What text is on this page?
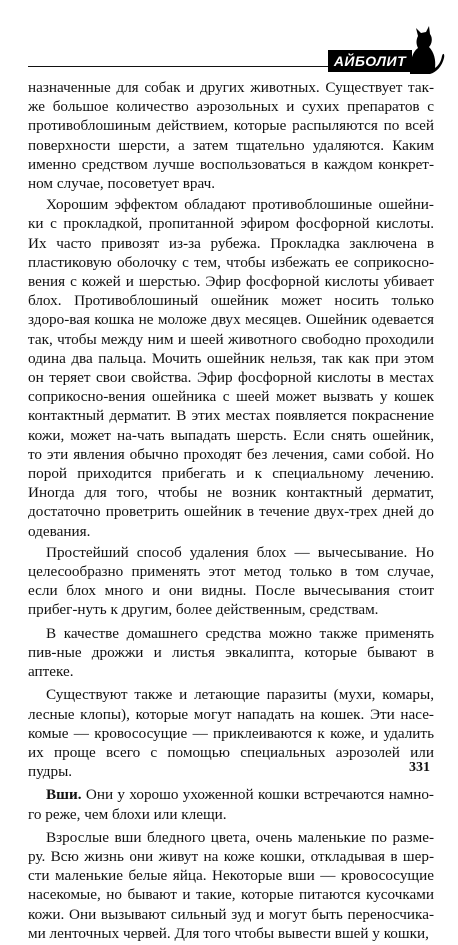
АЙБОЛИТ

назначенные для собак и других животных. Существует так-же большое количество аэрозольных и сухих препаратов с противоблошиным действием, которые распыляются по всей поверхности шерсти, а затем тщательно удаляются. Каким именно средством лучше воспользоваться в каждом конкрет-ном случае, посоветует врач.

Хорошим эффектом обладают противоблошиные ошейни-ки с прокладкой, пропитанной эфиром фосфорной кислоты. Их часто привозят из-за рубежа. Прокладка заключена в пластиковую оболочку с тем, чтобы избежать ее соприкосно-вения с кожей и шерстью. Эфир фосфорной кислоты убивает блох. Противоблошиный ошейник может носить только здоро-вая кошка не моложе двух месяцев. Ошейник одевается так, чтобы между ним и шеей животного свободно проходили одина два пальца. Мочить ошейник нельзя, так как при этом он теряет свои свойства. Эфир фосфорной кислоты в местах соприкосно-вения ошейника с шеей может вызвать у кошек контактный дерматит. В этих местах появляется покраснение кожи, может на-чать выпадать шерсть. Если снять ошейник, то эти явления обычно проходят без лечения, сами собой. Но порой приходится прибегать и к специальному лечению. Иногда для того, чтобы не возник контактный дерматит, достаточно проветрить ошейник в течение двух-трех дней до одевания.

Простейший способ удаления блох — вычесывание. Но целесообразно применять этот метод только в том случае, если блох много и они видны. После вычесывания стоит прибег-нуть к другим, более действенным, средствам.

В качестве домашнего средства можно также применять пив-ные дрожжи и листья эвкалипта, которые бывают в аптеке.

Существуют также и летающие паразиты (мухи, комары, лесные клопы), которые могут нападать на кошек. Эти насе-комые — кровососущие — приклеиваются к коже, и удалить их проще всего с помощью специальных аэрозолей или пудры.

Вши. Они у хорошо ухоженной кошки встречаются намно-го реже, чем блохи или клещи.

Взрослые вши бледного цвета, очень маленькие по разме-ру. Всю жизнь они живут на коже кошки, откладывая в шер-сти маленькие белые яйца. Некоторые вши — кровососущие насекомые, но бывают и такие, которые питаются кусочками кожи. Они вызывают сильный зуд и могут быть переносчика-ми ленточных червей. Для того чтобы вывести вшей у кошки,

331
